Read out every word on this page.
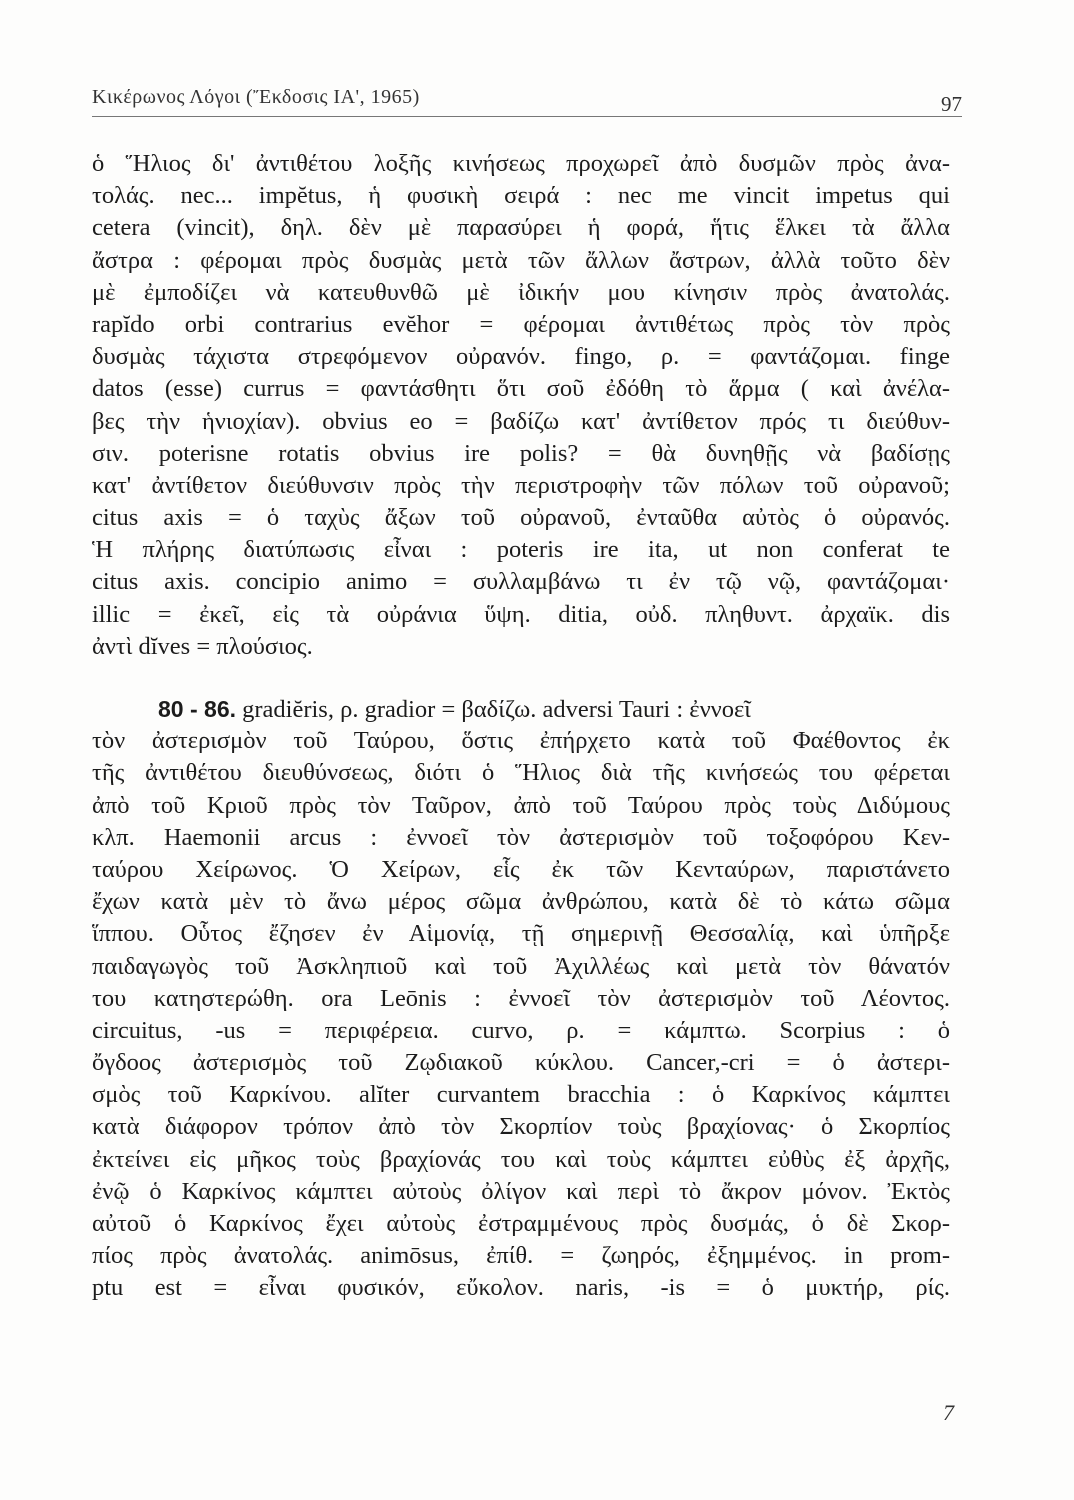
Κικέρωνος Λόγοι (Ἔκδοσις ΙΑ', 1965)	97
ὁ Ἥλιος δι' ἀντιθέτου λοξῆς κινήσεως προχωρεῖ ἀπὸ δυσμῶν πρὸς ἀνα-
τολάς. nec... impĕtus, ἡ φυσικὴ σειρά : nec me vincit impetus qui
cetera (vincit), δηλ. δὲν μὲ παρασύρει ἡ φορά, ἥτις ἕλκει τὰ ἄλλα
ἄστρα : φέρομαι πρὸς δυσμὰς μετὰ τῶν ἄλλων ἄστρων, ἀλλὰ τοῦτο δὲν
μὲ ἐμποδίζει νὰ κατευθυνθῶ μὲ ἰδικήν μου κίνησιν πρὸς ἀνατολάς.
rapĭdo orbi contrarius evĕhor = φέρομαι ἀντιθέτως πρὸς τὸν πρὸς
δυσμὰς τάχιστα στρεφόμενον οὐρανόν. fingo, ρ. = φαντάζομαι. finge
datos (esse) currus = φαντάσθητι ὅτι σοῦ ἐδόθη τὸ ἅρμα ( καὶ ἀνέλα-
βες τὴν ἡνιοχίαν). obvius eo = βαδίζω κατ' ἀντίθετον πρός τι διεύθυν-
σιν. poterisne rotatis obvius ire polis? = θὰ δυνηθῇς νὰ βαδίσῃς
κατ' ἀντίθετον διεύθυνσιν πρὸς τὴν περιστροφὴν τῶν πόλων τοῦ οὐρανοῦ;
citus axis = ὁ ταχὺς ἄξων τοῦ οὐρανοῦ, ἐνταῦθα αὐτὸς ὁ οὐρανός.
Ἡ πλήρης διατύπωσις εἶναι : poteris ire ita, ut non conferat te
citus axis. concipio animo = συλλαμβάνω τι ἐν τῷ νῷ, φαντάζομαι·
illic = ἐκεῖ, εἰς τὰ οὐράνια ὕψη. ditia, οὐδ. πληθυντ. ἀρχαϊκ. dis
ἀντὶ dĭves = πλούσιος.
80 - 86. gradiĕris, ρ. gradior = βαδίζω. adversi Tauri : ἐννοεῖ
τὸν ἀστερισμὸν τοῦ Ταύρου, ὅστις ἐπήρχετο κατὰ τοῦ Φαέθοντος ἐκ
τῆς ἀντιθέτου διευθύνσεως, διότι ὁ Ἥλιος διὰ τῆς κινήσεώς του φέρεται
ἀπὸ τοῦ Κριοῦ πρὸς τὸν Ταῦρον, ἀπὸ τοῦ Ταύρου πρὸς τοὺς Διδύμους
κλπ. Haemonii arcus : ἐννοεῖ τὸν ἀστερισμὸν τοῦ τοξοφόρου Κεν-
ταύρου Χείρωνος. Ὁ Χείρων, εἷς ἐκ τῶν Κενταύρων, παριστάνετο
ἔχων κατὰ μὲν τὸ ἄνω μέρος σῶμα ἀνθρώπου, κατὰ δὲ τὸ κάτω σῶμα
ἵππου. Οὗτος ἔζησεν ἐν Αἱμονίᾳ, τῇ σημερινῇ Θεσσαλίᾳ, καὶ ὑπῆρξε
παιδαγωγὸς τοῦ Ἀσκληπιοῦ καὶ τοῦ Ἀχιλλέως καὶ μετὰ τὸν θάνατόν
του κατηστερώθη. ora Leōnis : ἐννοεῖ τὸν ἀστερισμὸν τοῦ Λέοντος.
circuitus, -us = περιφέρεια. curvo, ρ. = κάμπτω. Scorpius : ὁ
ὄγδοος ἀστερισμὸς τοῦ Ζῳδιακοῦ κύκλου. Cancer,-cri = ὁ ἀστερι-
σμὸς τοῦ Καρκίνου. alĭter curvantem bracchia : ὁ Καρκίνος κάμπτει
κατὰ διάφορον τρόπον ἀπὸ τὸν Σκορπίον τοὺς βραχίονας· ὁ Σκορπίος
ἐκτείνει εἰς μῆκος τοὺς βραχίονάς του καὶ τοὺς κάμπτει εὐθὺς ἐξ ἀρχῆς,
ἐνῷ ὁ Καρκίνος κάμπτει αὐτοὺς ὀλίγον καὶ περὶ τὸ ἄκρον μόνον. Ἐκτὸς
αὐτοῦ ὁ Καρκίνος ἔχει αὐτοὺς ἐστραμμένους πρὸς δυσμάς, ὁ δὲ Σκορ-
πίος πρὸς ἀνατολάς. animōsus, ἐπίθ. = ζωηρός, ἐξημμένος. in prom-
ptu est = εἶναι φυσικόν, εὔκολον. naris, -is = ὁ μυκτήρ, ρίς.
7
